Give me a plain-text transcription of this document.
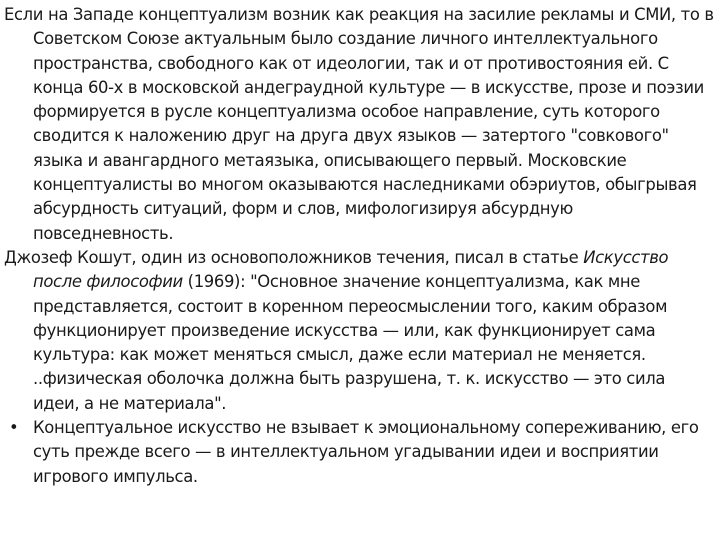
Если на Западе концептуализм возник как реакция на засилие рекламы и СМИ, то в Советском Союзе актуальным было создание личного интеллектуального пространства, свободного как от идеологии, так и от противостояния ей. С конца 60-х в московской андеграудной культуре — в искусстве, прозе и поэзии формируется в русле концептуализма особое направление, суть которого сводится к наложению друг на друга двух языков — затертого "совкового" языка и авангардного метаязыка, описывающего первый. Московские концептуалисты во многом оказываются наследниками обэриутов, обыгрывая абсурдность ситуаций, форм и слов, мифологизируя абсурдную повседневность.

Джозеф Кошут, один из основоположников течения, писал в статье Искусство после философии (1969): "Основное значение концептуализма, как мне представляется, состоит в коренном переосмыслении того, каким образом функционирует произведение искусства — или, как функционирует сама культура: как может меняться смысл, даже если материал не меняется. ..физическая оболочка должна быть разрушена, т. к. искусство — это сила идеи, а не материала".

• Концептуальное искусство не взывает к эмоциональному сопереживанию, его суть прежде всего — в интеллектуальном угадывании идеи и восприятии игрового импульса.
